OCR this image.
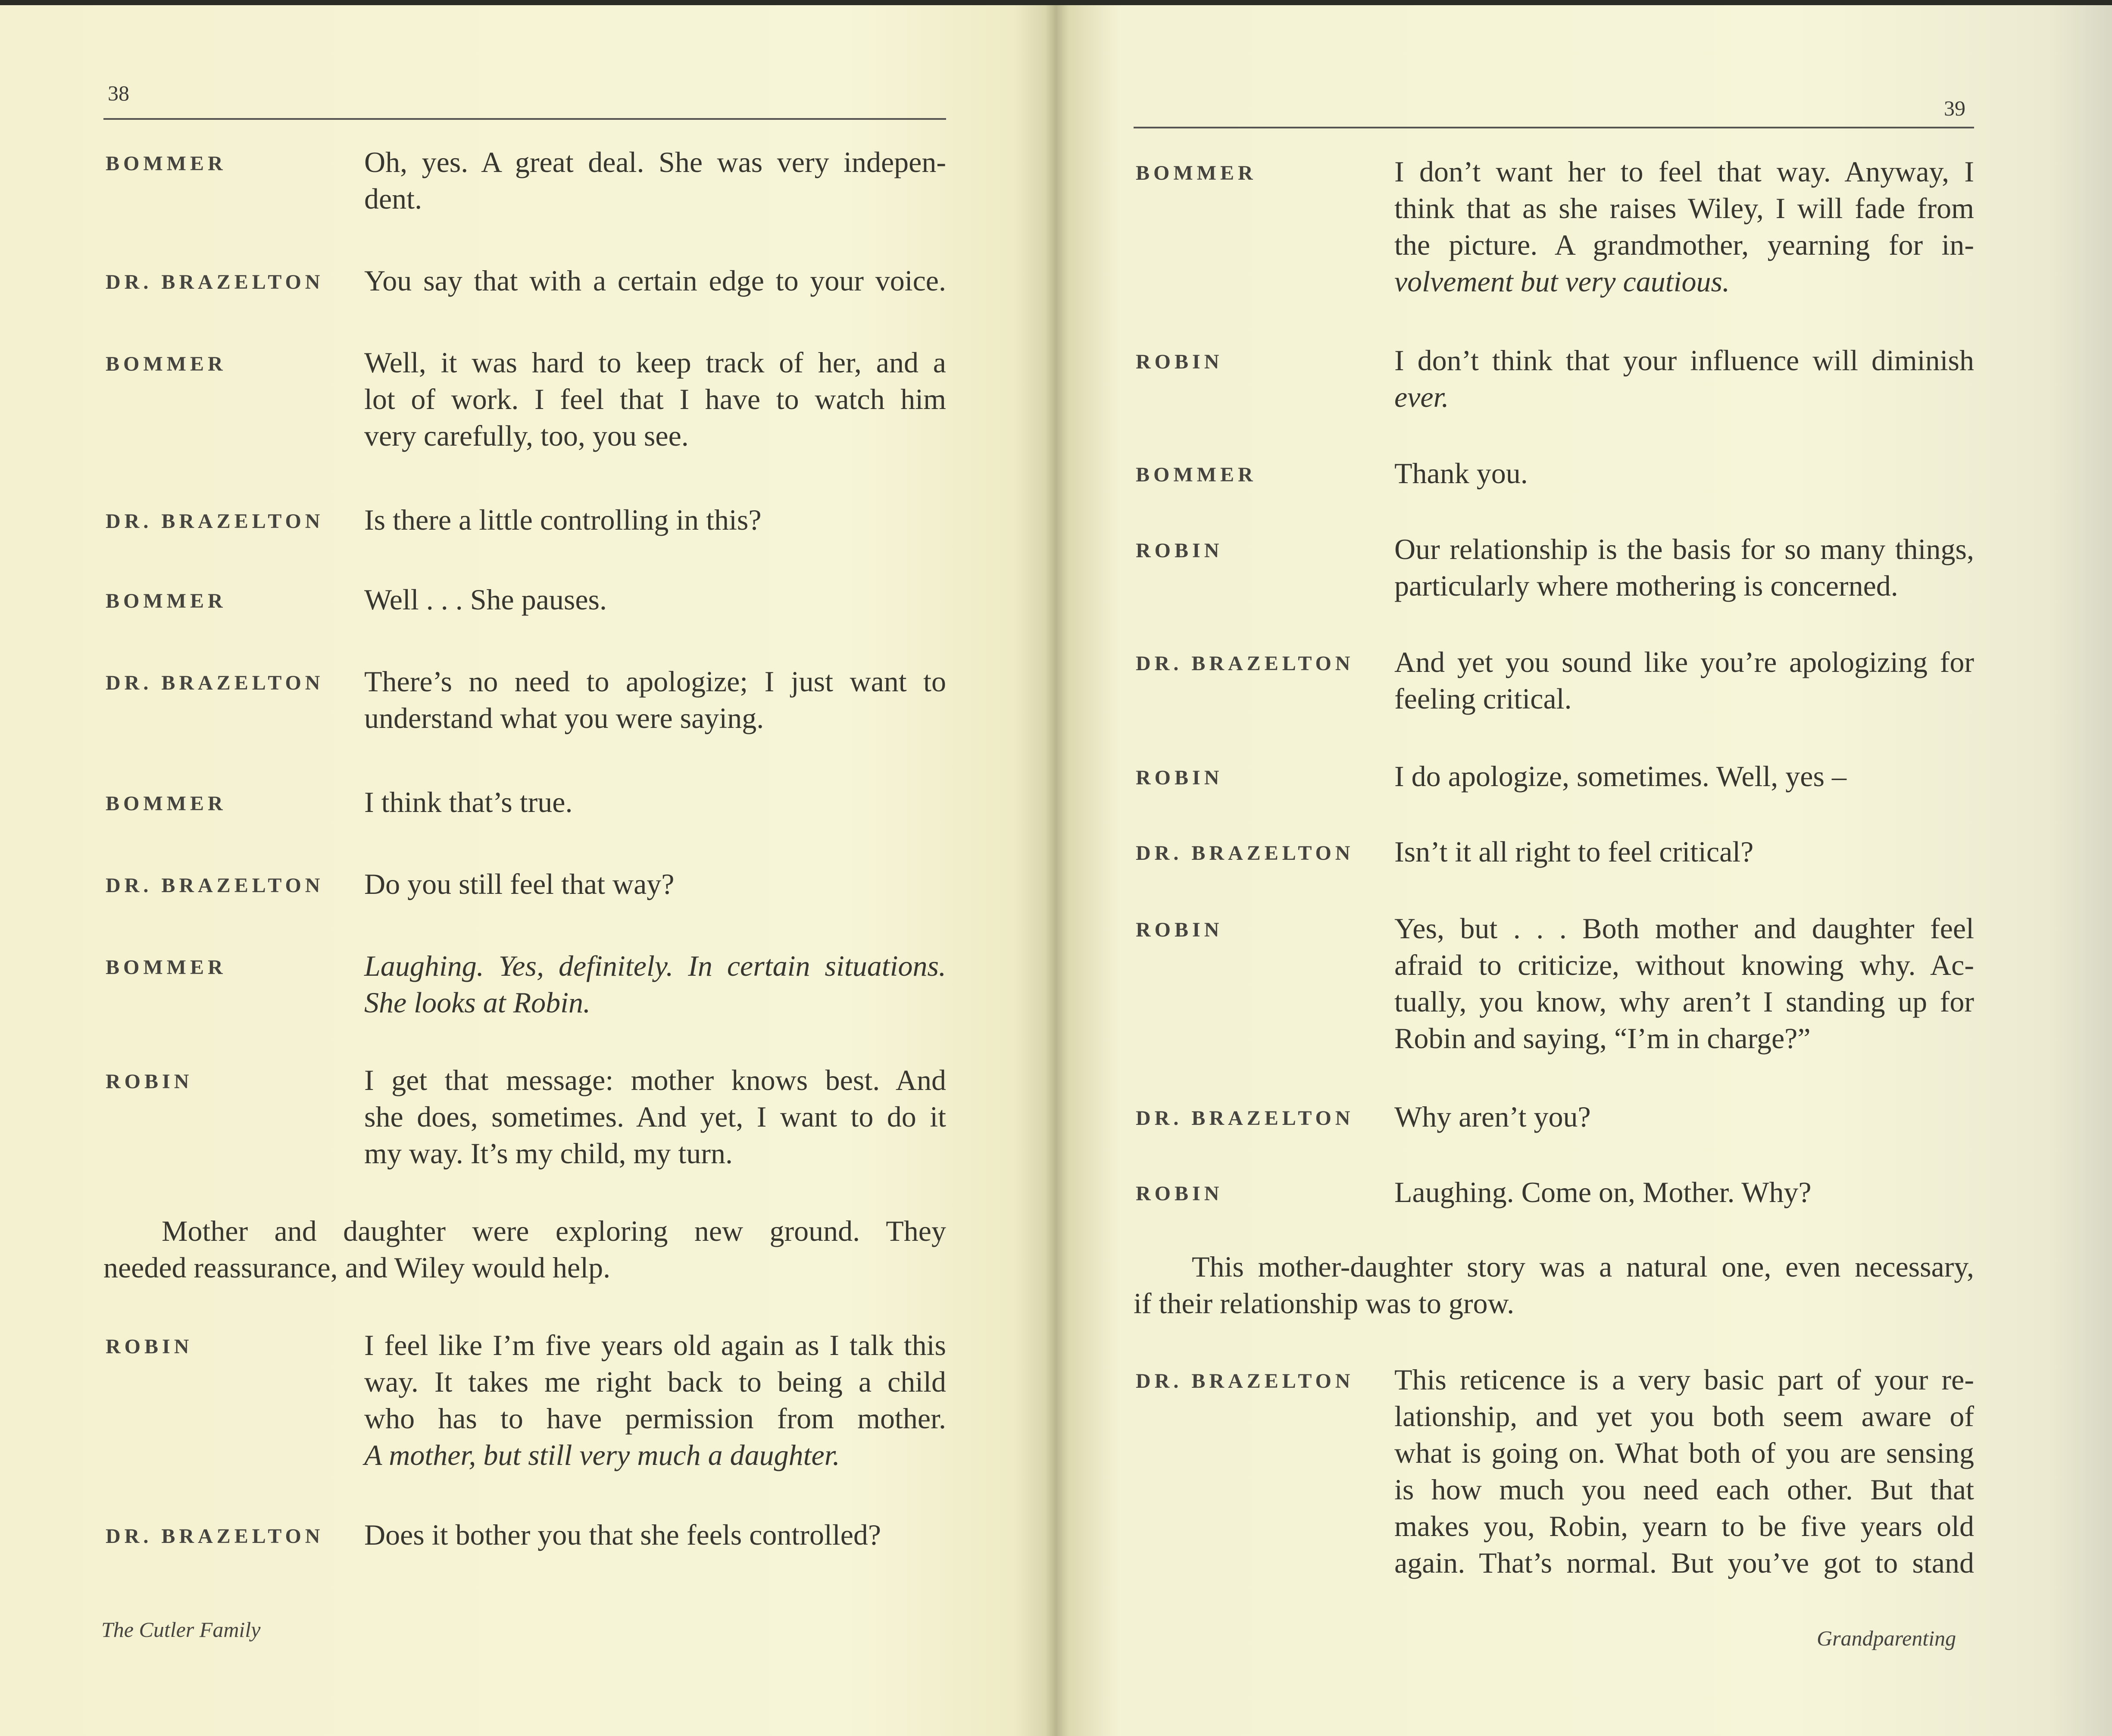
38
BOMMER	Oh, yes. A great deal. She was very indepen-
dent.
DR. BRAZELTON You say that with a certain edge to your voice.
BOMMER	Well, it was hard to keep track of her, and a
lot of work. I feel that I have to watch him
very carefully, too, you see.
DR. BRAZELTON Is there a little controlling in this?
BOMMER	Well . . . She pauses.
DR. BRAZELTON There’s no need to apologize; I just want to
understand what you were saying.
BOMMER	I think that’s true.
DR. BRAZELTON Do you still feel that way?
BOMMER	Laughing. Yes, definitely. In certain situations.
She looks at Robin.
ROBIN	I get that message: mother knows best. And
she does, sometimes. And yet, I want to do it
my way. It’s my child, my turn.
Mother and daughter were exploring new ground. They
needed reassurance, and Wiley would help.
ROBIN	I feel like I’m five years old again as I talk this
way. It takes me right back to being a child
who has to have permission from mother.
A mother, but still very much a daughter.
DR. BRAZELTON Does it bother you that she feels controlled?
The Cutler Family
39
BOMMER	I don’t want her to feel that way. Anyway, I
think that as she raises Wiley, I will fade from
the picture. A grandmother, yearning for in-
volvement but very cautious.
ROBIN	I don’t think that your influence will diminish
ever.
BOMMER	Thank you.
ROBIN	Our relationship is the basis for so many things,
particularly where mothering is concerned.
DR. BRAZELTON And yet you sound like you’re apologizing for
feeling critical.
ROBIN	I do apologize, sometimes. Well, yes –
DR. BRAZELTON Isn’t it all right to feel critical?
ROBIN	Yes, but . . . Both mother and daughter feel
afraid to criticize, without knowing why. Ac-
tually, you know, why aren’t I standing up for
Robin and saying, “I’m in charge?”
DR. BRAZELTON Why aren’t you?
ROBIN	Laughing. Come on, Mother. Why?
This mother-daughter story was a natural one, even necessary,
if their relationship was to grow.
DR. BRAZELTON This reticence is a very basic part of your re-
lationship, and yet you both seem aware of
what is going on. What both of you are sensing
is how much you need each other. But that
makes you, Robin, yearn to be five years old
again. That’s normal. But you’ve got to stand
Grandparenting
